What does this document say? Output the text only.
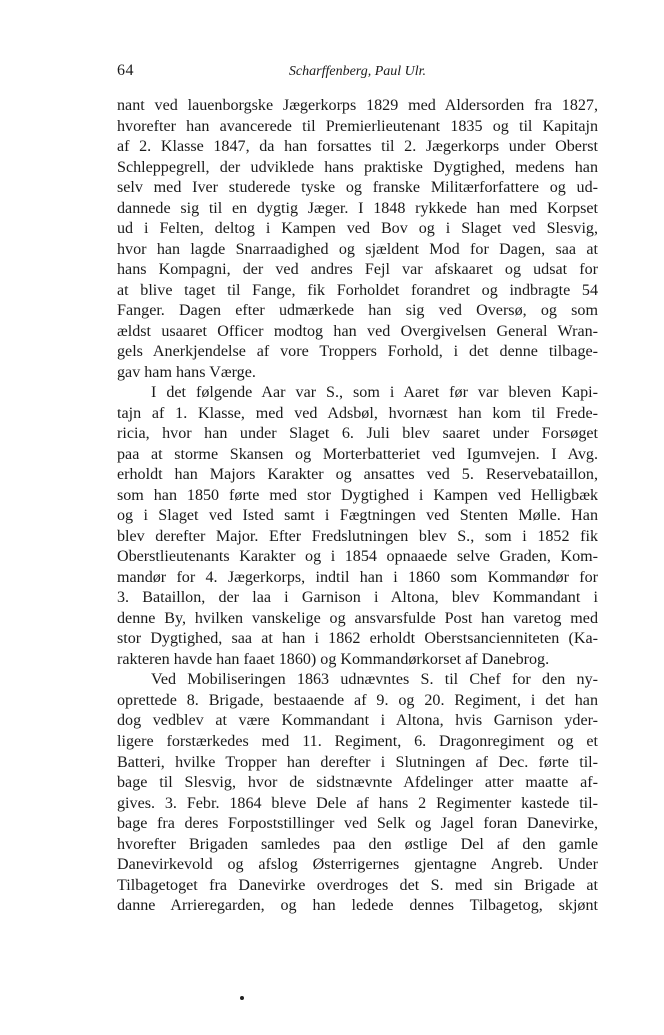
64	Scharffenberg, Paul Ulr.
nant ved lauenborgske Jægerkorps 1829 med Aldersorden fra 1827,
hvorefter han avancerede til Premierlieutenant 1835 og til Kapitajn
af 2. Klasse 1847, da han forsattes til 2. Jægerkorps under Oberst
Schleppegrell, der udviklede hans praktiske Dygtighed, medens han
selv med Iver studerede tyske og franske Militærforfattere og ud-
dannede sig til en dygtig Jæger. I 1848 rykkede han med Korpset
ud i Felten, deltog i Kampen ved Bov og i Slaget ved Slesvig,
hvor han lagde Snarraadighed og sjældent Mod for Dagen, saa at
hans Kompagni, der ved andres Fejl var afskaaret og udsat for
at blive taget til Fange, fik Forholdet forandret og indbragte 54
Fanger. Dagen efter udmærkede han sig ved Oversø, og som
ældst usaaret Officer modtog han ved Overgivelsen General Wran-
gels Anerkjendelse af vore Troppers Forhold, i det denne tilbage-
gav ham hans Værge.
I det følgende Aar var S., som i Aaret før var bleven Kapi-
tajn af 1. Klasse, med ved Adsbøl, hvornæst han kom til Frede-
ricia, hvor han under Slaget 6. Juli blev saaret under Forsøget
paa at storme Skansen og Morterbatteriet ved Igumvejen. I Avg.
erholdt han Majors Karakter og ansattes ved 5. Reservebataillon,
som han 1850 førte med stor Dygtighed i Kampen ved Helligbæk
og i Slaget ved Isted samt i Fægtningen ved Stenten Mølle. Han
blev derefter Major. Efter Fredslutningen blev S., som i 1852 fik
Oberstlieutenants Karakter og i 1854 opnaaede selve Graden, Kom-
mandør for 4. Jægerkorps, indtil han i 1860 som Kommandør for
3. Bataillon, der laa i Garnison i Altona, blev Kommandant i
denne By, hvilken vanskelige og ansvarsfulde Post han varetog med
stor Dygtighed, saa at han i 1862 erholdt Oberstsancienniteten (Ka-
rakteren havde han faaet 1860) og Kommandørkorset af Danebrog.
Ved Mobiliseringen 1863 udnævntes S. til Chef for den ny-
oprettede 8. Brigade, bestaaende af 9. og 20. Regiment, i det han
dog vedblev at være Kommandant i Altona, hvis Garnison yder-
ligere forstærkedes med 11. Regiment, 6. Dragonregiment og et
Batteri, hvilke Tropper han derefter i Slutningen af Dec. førte til-
bage til Slesvig, hvor de sidstnævnte Afdelinger atter maatte af-
gives. 3. Febr. 1864 bleve Dele af hans 2 Regimenter kastede til-
bage fra deres Forpoststillinger ved Selk og Jagel foran Danevirke,
hvorefter Brigaden samledes paa den østlige Del af den gamle
Danevirkevold og afslog Østerrigernes gjentagne Angreb. Under
Tilbagetoget fra Danevirke overdroges det S. med sin Brigade at
danne Arrieregarden, og han ledede dennes Tilbagetog, skjønt
